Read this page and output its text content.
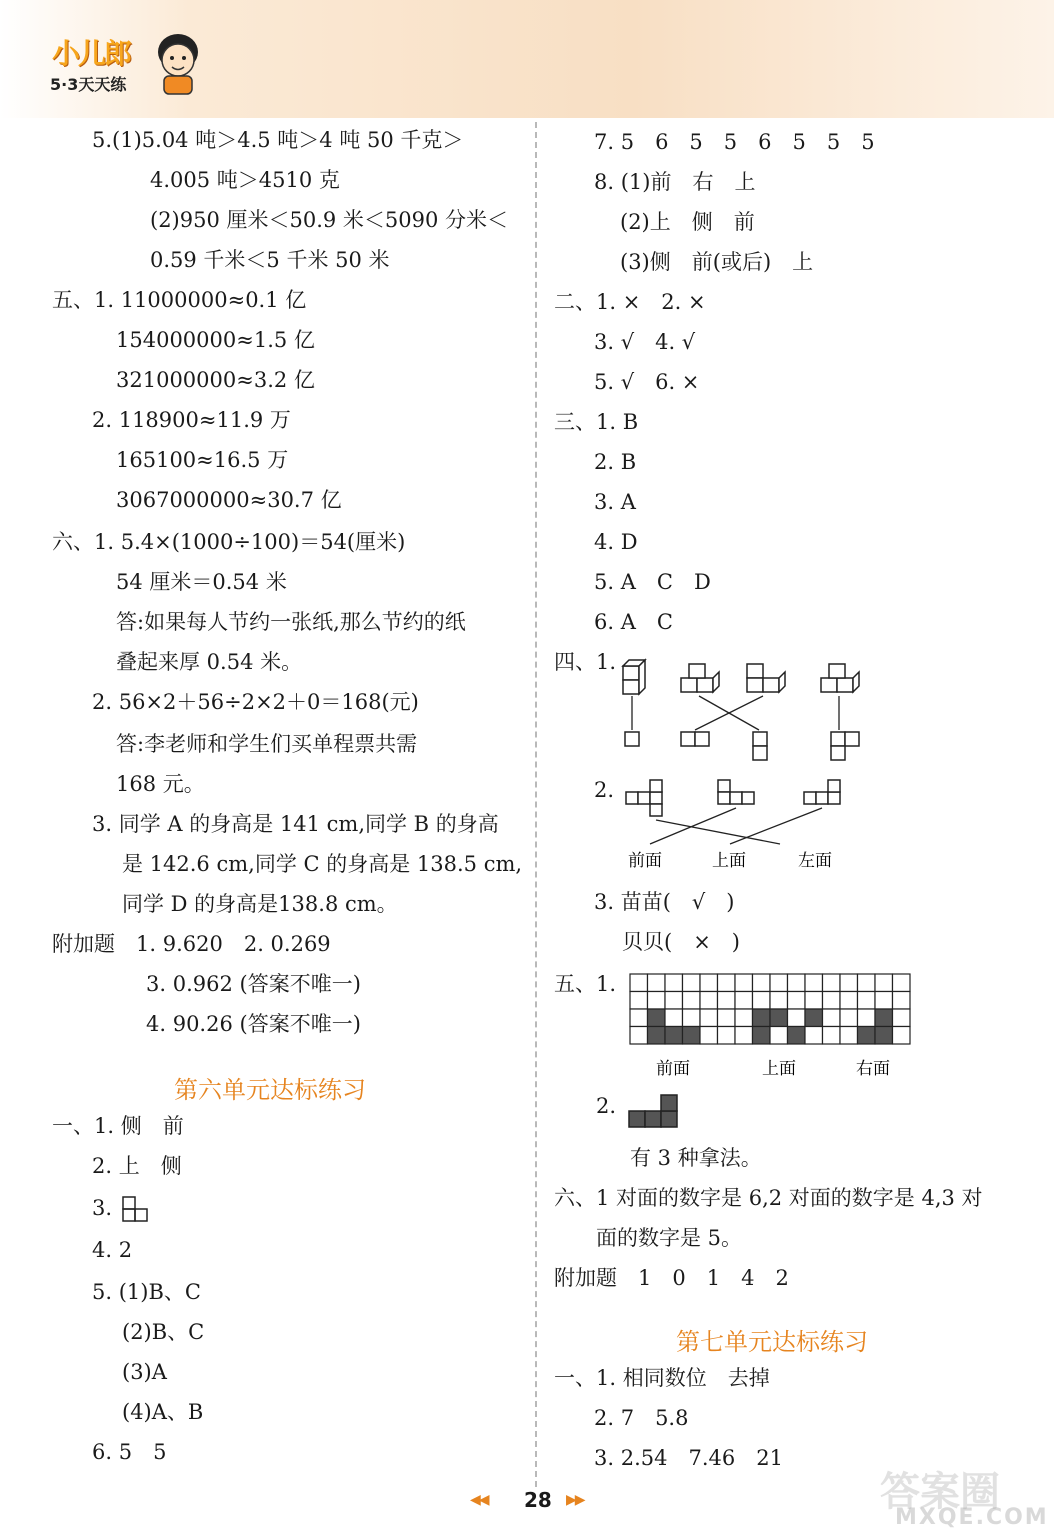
小儿郎
5·3天天练
5.(1)5.04 吨＞4.5 吨＞4 吨 50 千克＞
4.005 吨＞4510 克
(2)950 厘米＜50.9 米＜5090 分米＜
0.59 千米＜5 千米 50 米
五、1. 11000000≈0.1 亿
154000000≈1.5 亿
321000000≈3.2 亿
2. 118900≈11.9 万
165100≈16.5 万
3067000000≈30.7 亿
六、1. 5.4×(1000÷100)＝54(厘米)
54 厘米＝0.54 米
答:如果每人节约一张纸,那么节约的纸
叠起来厚 0.54 米。
2. 56×2＋56÷2×2＋0＝168(元)
答:李老师和学生们买单程票共需
168 元。
3. 同学 A 的身高是 141 cm,同学 B 的身高
是 142.6 cm,同学 C 的身高是 138.5 cm,
同学 D 的身高是138.8 cm。
附加题　1. 9.620　2. 0.269
3. 0.962 (答案不唯一)
4. 90.26 (答案不唯一)
第六单元达标练习
一、1. 侧　前
2. 上　侧
3.
4. 2
5. (1)B、C
(2)B、C
(3)A
(4)A、B
6. 5　5
7. 5　6　5　5　6　5　5　5
8. (1)前　右　上
(2)上　侧　前
(3)侧　前(或后)　上
二、1. ×　2. ×
3. √　4. √
5. √　6. ×
三、1. B
2. B
3. A
4. D
5. A　C　D
6. A　C
四、1.
2.
前面	上面	左面
3. 苗苗(　√　)
贝贝(　×　)
五、1.
前面	上面	右面
2.
有 3 种拿法。
六、1 对面的数字是 6,2 对面的数字是 4,3 对
面的数字是 5。
附加题　1　0　1　4　2
第七单元达标练习
一、1. 相同数位　去掉
2. 7　5.8
3. 2.54　7.46　21
◀◀ 28 ▶▶	答案圈
MXQE.COM
